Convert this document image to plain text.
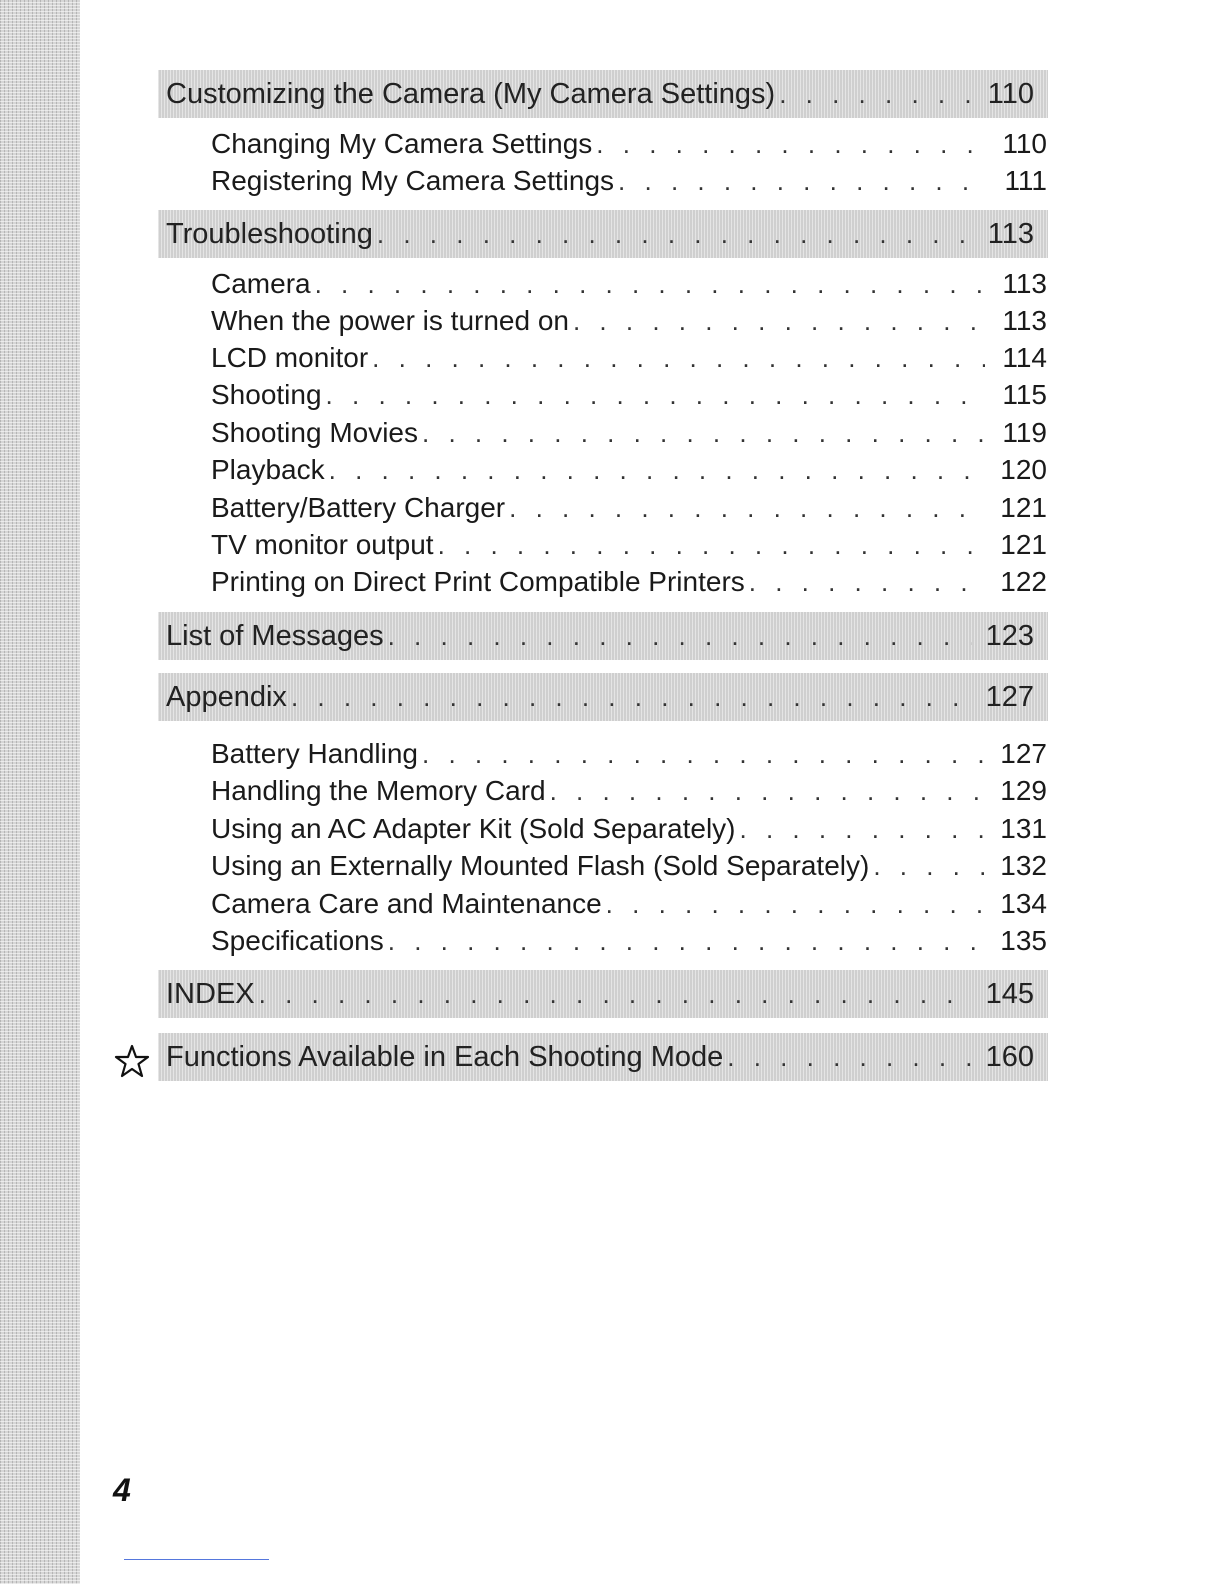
Customizing the Camera (My Camera Settings) . . .	110
Changing My Camera Settings . . .	110
Registering My Camera Settings . . .	111
Troubleshooting . . .	113
Camera . . .	113
When the power is turned on . . .	113
LCD monitor . . .	114
Shooting . . .	115
Shooting Movies . . .	119
Playback . . .	120
Battery/Battery Charger . . .	121
TV monitor output . . .	121
Printing on Direct Print Compatible Printers . . .	122
List of Messages . . .	123
Appendix . . .	127
Battery Handling . . .	127
Handling the Memory Card . . .	129
Using an AC Adapter Kit (Sold Separately) . . .	131
Using an Externally Mounted Flash (Sold Separately) . . .	132
Camera Care and Maintenance . . .	134
Specifications . . .	135
INDEX . . .	145
Functions Available in Each Shooting Mode . . .	160
4
